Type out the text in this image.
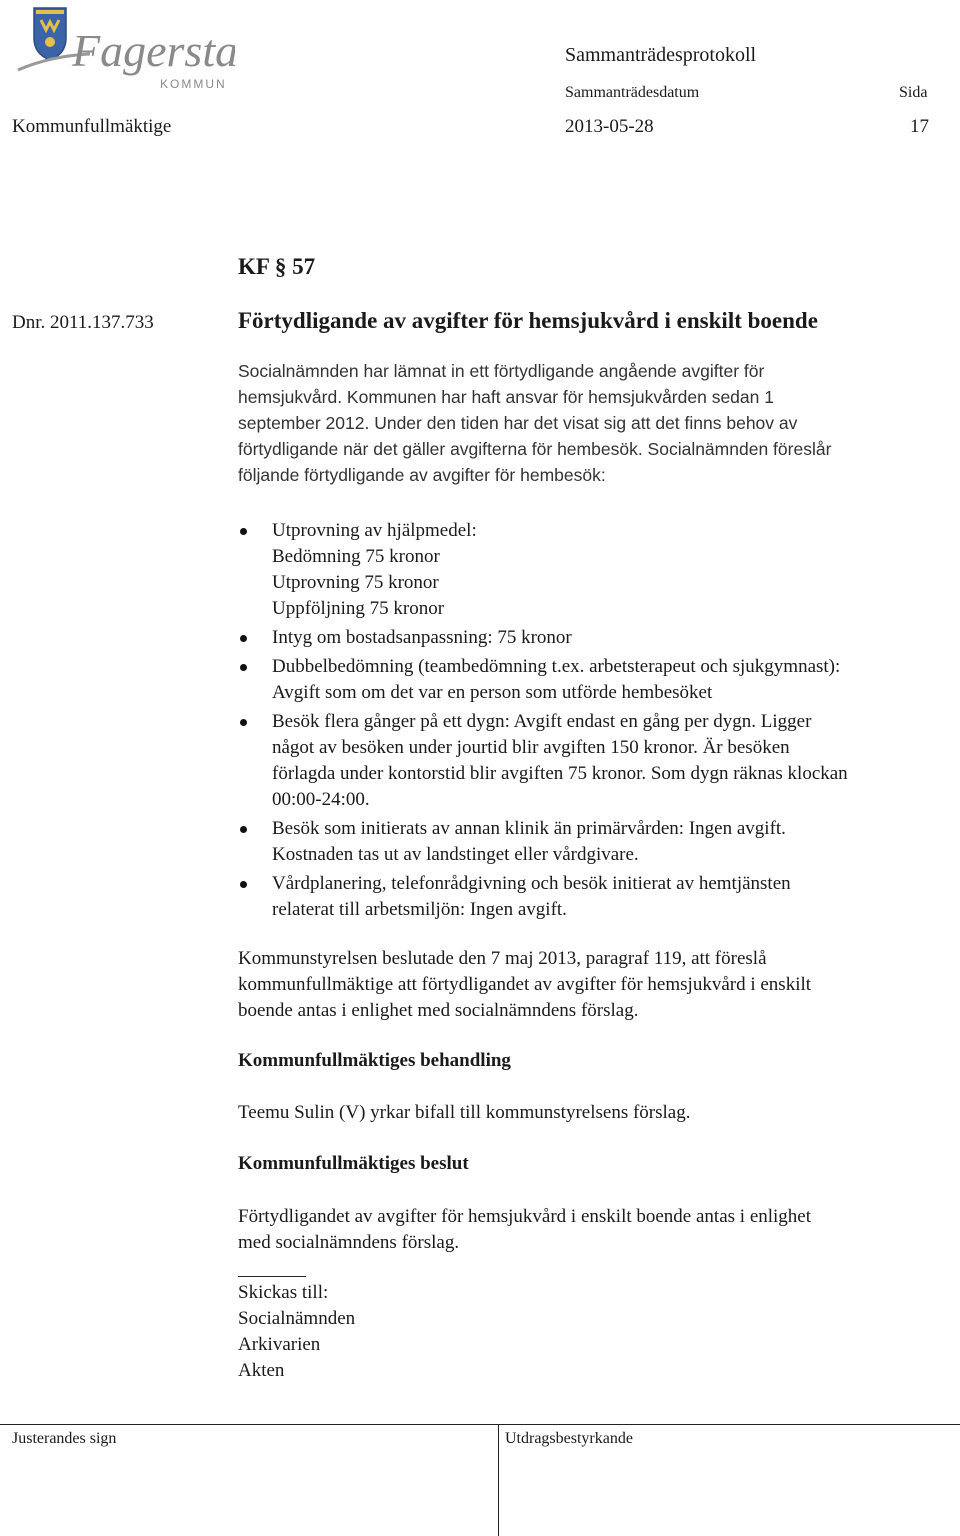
Fagersta
KOMMUN
Sammanträdesprotokoll
Sammanträdesdatum	Sida
Kommunfullmäktige	2013-05-28	17
KF § 57
Dnr. 2011.137.733	Förtydligande av avgifter för hemsjukvård i enskilt boende
Socialnämnden har lämnat in ett förtydligande angående avgifter för
hemsjukvård. Kommunen har haft ansvar för hemsjukvården sedan 1
september 2012. Under den tiden har det visat sig att det finns behov av
förtydligande när det gäller avgifterna för hembesök. Socialnämnden föreslår
följande förtydligande av avgifter för hembesök:
Utprovning av hjälpmedel:
Bedömning 75 kronor
Utprovning 75 kronor
Uppföljning 75 kronor
Intyg om bostadsanpassning: 75 kronor
Dubbelbedömning (teambedömning t.ex. arbetsterapeut och sjukgymnast):
Avgift som om det var en person som utförde hembesöket
Besök flera gånger på ett dygn: Avgift endast en gång per dygn. Ligger
något av besöken under jourtid blir avgiften 150 kronor. Är besöken
förlagda under kontorstid blir avgiften 75 kronor. Som dygn räknas klockan
00:00-24:00.
Besök som initierats av annan klinik än primärvården: Ingen avgift.
Kostnaden tas ut av landstinget eller vårdgivare.
Vårdplanering, telefonrådgivning och besök initierat av hemtjänsten
relaterat till arbetsmiljön: Ingen avgift.
Kommunstyrelsen beslutade den 7 maj 2013, paragraf 119, att föreslå
kommunfullmäktige att förtydligandet av avgifter för hemsjukvård i enskilt
boende antas i enlighet med socialnämndens förslag.
Kommunfullmäktiges behandling
Teemu Sulin (V) yrkar bifall till kommunstyrelsens förslag.
Kommunfullmäktiges beslut
Förtydligandet av avgifter för hemsjukvård i enskilt boende antas i enlighet
med socialnämndens förslag.
Skickas till:
Socialnämnden
Arkivarien
Akten
Justerandes sign	Utdragsbestyrkande
